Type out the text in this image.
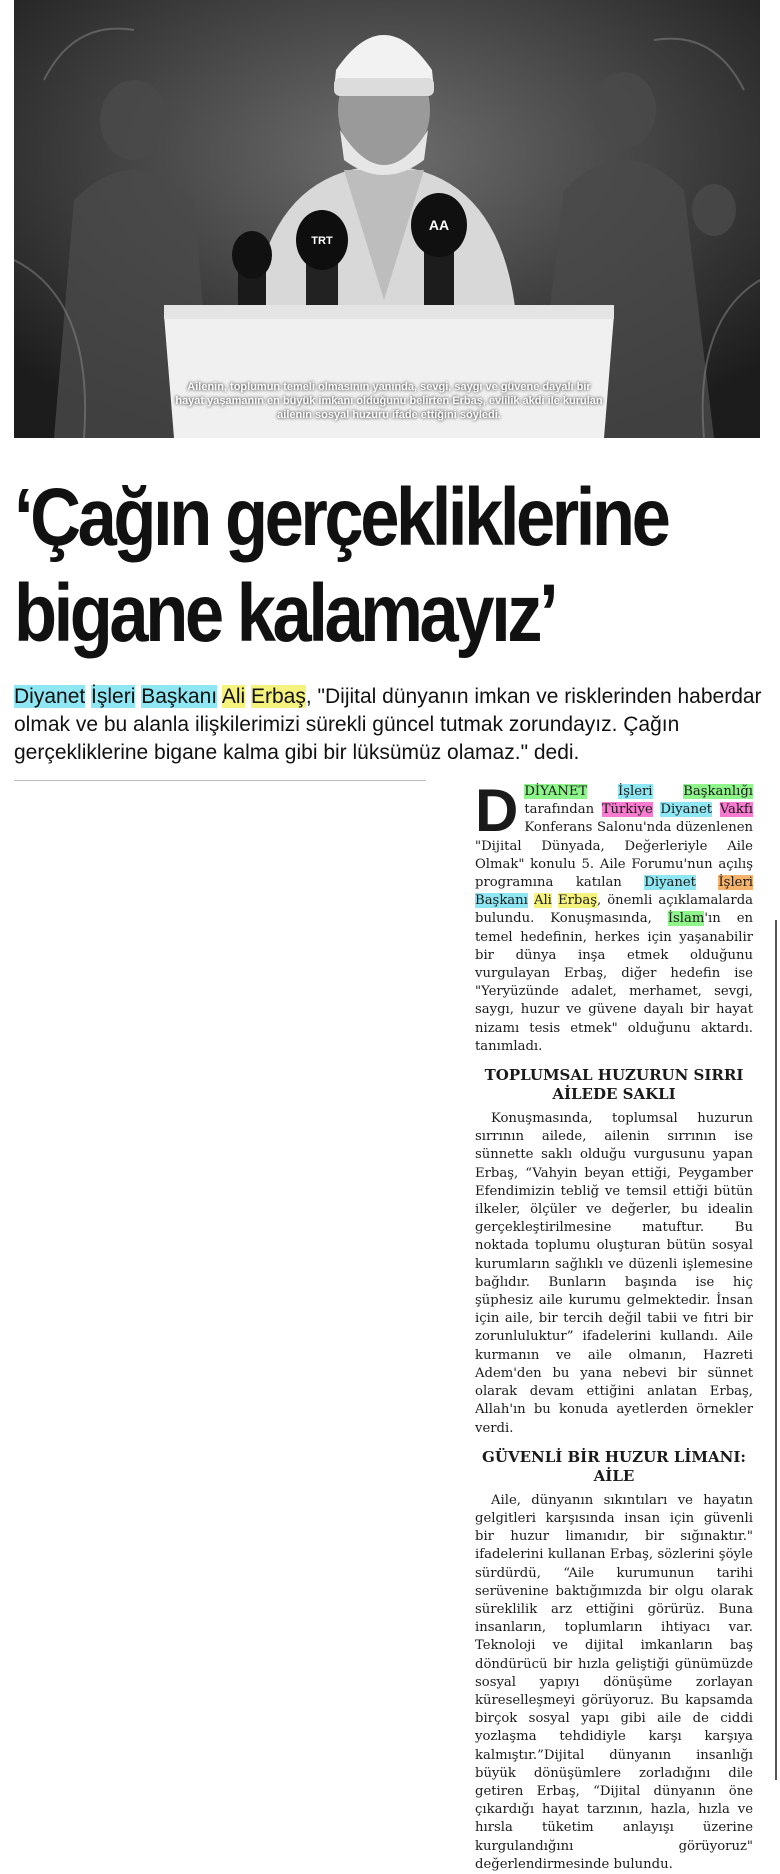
TRT
AA
Ailenin, toplumun temeli olmasının yanında, sevgi, saygı ve güvene dayalı bir hayat yaşamanın en büyük imkanı olduğunu belirten Erbaş, evlilik akdi ile kurulan ailenin sosyal huzuru ifade ettiğini söyledi.
‘Çağın gerçekliklerine
bigane kalamayız’
Diyanet İşleri Başkanı Ali Erbaş, "Dijital dünyanın imkan ve risklerinden haberdar olmak ve bu alanla ilişkilerimizi sürekli güncel tutmak zorundayız. Çağın gerçekliklerine bigane kalma gibi bir lüksümüz olamaz." dedi.

DDİYANET İşleri Başkanlığı tarafından Türkiye Diyanet Vakfı Konferans Salonu'nda düzenlenen "Dijital Dünyada, Değerleriyle Aile Olmak" konulu 5. Aile Forumu'nun açılış programına katılan Diyanet İşleri Başkanı Ali Erbaş, önemli açıklamalarda bulundu. Konuşmasında, İslam'ın en temel hedefinin, herkes için yaşanabilir bir dünya inşa etmek olduğunu vurgulayan Erbaş, diğer hedefin ise "Yeryüzünde adalet, merhamet, sevgi, saygı, huzur ve güvene dayalı bir hayat nizamı tesis etmek" olduğunu aktardı. tanımladı.

TOPLUMSAL HUZURUN SIRRI AİLEDE SAKLI

Konuşmasında, toplumsal huzurun sırrının ailede, ailenin sırrının ise sünnette saklı olduğu vurgusunu yapan Erbaş, “Vahyin beyan ettiği, Peygamber Efendimizin tebliğ ve temsil ettiği bütün ilkeler, ölçüler ve değerler, bu idealin gerçekleştirilmesine matuftur. Bu noktada toplumu oluşturan bütün sosyal kurumların sağlıklı ve düzenli işlemesine bağlıdır. Bunların başında ise hiç şüphesiz aile kurumu gelmektedir. İnsan için aile, bir tercih değil tabii ve fıtri bir zorunluluktur” ifadelerini kullandı. Aile kurmanın ve aile olmanın, Hazreti Adem'den bu yana nebevi bir sünnet olarak devam ettiğini anlatan Erbaş, Allah'ın bu konuda ayetlerden örnekler verdi.

GÜVENLİ BİR HUZUR LİMANI: AİLE

Aile, dünyanın sıkıntıları ve hayatın gelgitleri karşısında insan için güvenli bir huzur limanıdır, bir sığınaktır." ifadelerini kullanan Erbaş, sözlerini şöyle sürdürdü, “Aile kurumunun tarihi serüvenine baktığımızda bir olgu olarak süreklilik arz ettiğini görürüz. Buna insanların, toplumların ihtiyacı var. Teknoloji ve dijital imkanların baş döndürücü bir hızla geliştiği günümüzde sosyal yapıyı dönüşüme zorlayan küreselleşmeyi görüyoruz. Bu kapsamda birçok sosyal yapı gibi aile de ciddi yozlaşma tehdidiyle karşı karşıya kalmıştır.”Dijital dünyanın insanlığı büyük dönüşümlere zorladığını dile getiren Erbaş, “Dijital dünyanın öne çıkardığı hayat tarzının, hazla, hızla ve hırsla tüketim anlayışı üzerine kurgulandığını görüyoruz" değerlendirmesinde bulundu.
